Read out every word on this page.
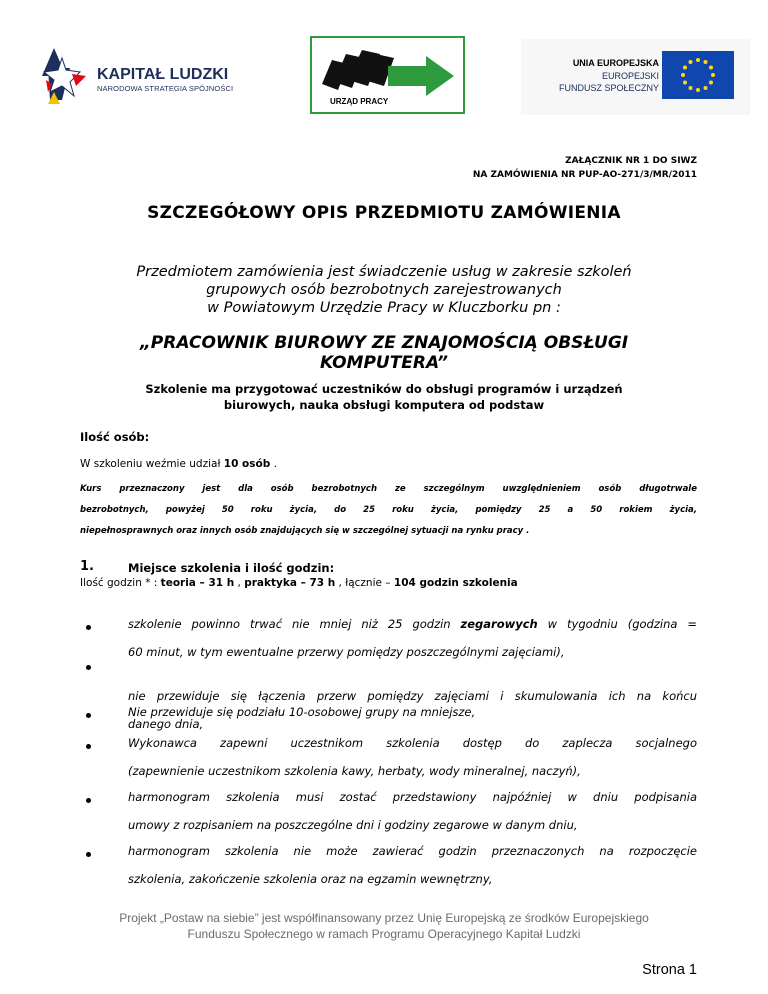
KAPITAŁ LUDZKI
NARODOWA STRATEGIA SPÓJNOŚCI
URZĄD PRACY
UNIA EUROPEJSKA
EUROPEJSKI
FUNDUSZ SPOŁECZNY
ZAŁĄCZNIK NR 1 DO SIWZ
NA ZAMÓWIENIA NR PUP-AO-271/3/MR/2011
SZCZEGÓŁOWY OPIS PRZEDMIOTU ZAMÓWIENIA
Przedmiotem zamówienia jest świadczenie usług w zakresie szkoleń
grupowych osób bezrobotnych zarejestrowanych
w Powiatowym Urzędzie Pracy w Kluczborku pn :
„PRACOWNIK BIUROWY ZE ZNAJOMOŚCIĄ OBSŁUGI
KOMPUTERA”
Szkolenie ma przygotować uczestników do obsługi programów i urządzeń
biurowych, nauka obsługi komputera od podstaw
Ilość osób:
W szkoleniu weźmie udział 10 osób .
Kurs przeznaczony jest dla osób bezrobotnych ze szczególnym uwzględnieniem osób długotrwale
bezrobotnych, powyżej 50 roku życia, do 25 roku życia, pomiędzy 25 a 50 rokiem życia,
niepełnosprawnych oraz innych osób znajdujących się w szczególnej sytuacji na rynku pracy .
1.	Miejsce szkolenia i ilość godzin:
Ilość godzin * : teoria – 31 h , praktyka – 73 h , łącznie – 104 godzin szkolenia
szkolenie powinno trwać nie mniej niż 25 godzin zegarowych w tygodniu (godzina =
60 minut, w tym ewentualne przerwy pomiędzy poszczególnymi zajęciami),
nie przewiduje się łączenia przerw pomiędzy zajęciami i skumulowania ich na końcu
danego dnia,
Nie przewiduje się podziału 10-osobowej grupy na mniejsze,
Wykonawca zapewni uczestnikom szkolenia dostęp do zaplecza socjalnego
(zapewnienie uczestnikom szkolenia kawy, herbaty, wody mineralnej, naczyń),
harmonogram szkolenia musi zostać przedstawiony najpóźniej w dniu podpisania
umowy z rozpisaniem na poszczególne dni i godziny zegarowe w danym dniu,
harmonogram szkolenia nie może zawierać godzin przeznaczonych na rozpoczęcie
szkolenia, zakończenie szkolenia oraz na egzamin wewnętrzny,
Projekt „Postaw na siebie” jest współfinansowany przez Unię Europejską ze środków Europejskiego
Funduszu Społecznego w ramach Programu Operacyjnego Kapitał Ludzki
Strona 1
